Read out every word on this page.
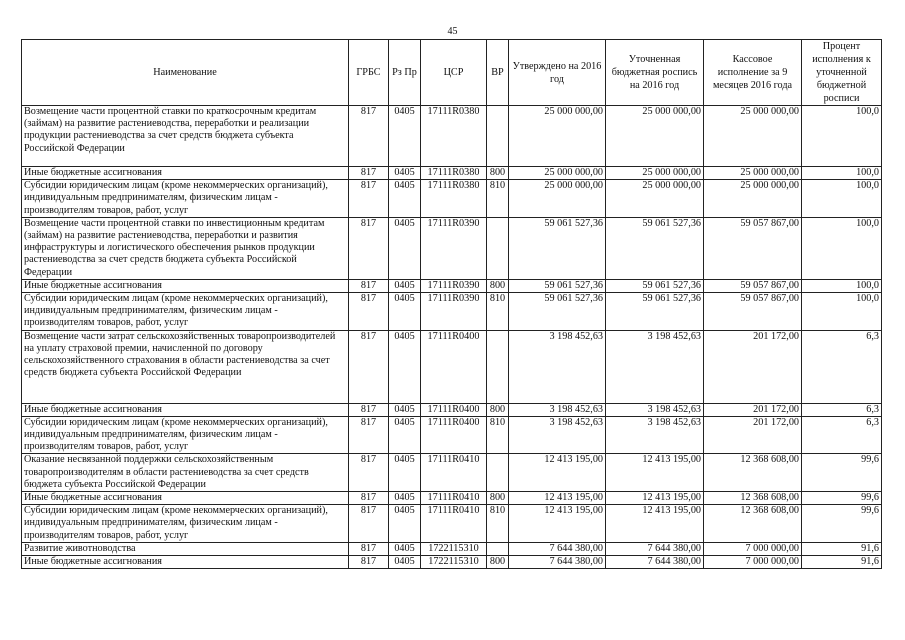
45
Наименование	ГРБС	Рз Пр	ЦСР	ВР	Утверждено на 2016 год	Уточненная бюджетная роспись на 2016 год	Кассовое исполнение за 9 месяцев 2016 года	Процент исполнения к уточненной бюджетной росписи
Возмещение части процентной ставки по краткосрочным кредитам (займам) на развитие растениеводства, переработки и реализации продукции растениеводства за счет средств бюджета субъекта Российской Федерации	817	0405	17111R0380		25 000 000,00	25 000 000,00	25 000 000,00	100,0
Иные бюджетные ассигнования	817	0405	17111R0380	800	25 000 000,00	25 000 000,00	25 000 000,00	100,0
Субсидии юридическим лицам (кроме некоммерческих организаций), индивидуальным предпринимателям, физическим лицам - производителям товаров, работ, услуг	817	0405	17111R0380	810	25 000 000,00	25 000 000,00	25 000 000,00	100,0
Возмещение части процентной ставки по инвестиционным кредитам (займам) на развитие растениеводства, переработки и развития инфраструктуры и логистического обеспечения рынков продукции растениеводства за счет средств бюджета субъекта Российской Федерации	817	0405	17111R0390		59 061 527,36	59 061 527,36	59 057 867,00	100,0
Иные бюджетные ассигнования	817	0405	17111R0390	800	59 061 527,36	59 061 527,36	59 057 867,00	100,0
Субсидии юридическим лицам (кроме некоммерческих организаций), индивидуальным предпринимателям, физическим лицам - производителям товаров, работ, услуг	817	0405	17111R0390	810	59 061 527,36	59 061 527,36	59 057 867,00	100,0
Возмещение части затрат сельскохозяйственных товаропроизводителей на уплату страховой премии, начисленной по договору сельскохозяйственного страхования в области растениеводства за счет средств бюджета субъекта Российской Федерации	817	0405	17111R0400		3 198 452,63	3 198 452,63	201 172,00	6,3
Иные бюджетные ассигнования	817	0405	17111R0400	800	3 198 452,63	3 198 452,63	201 172,00	6,3
Субсидии юридическим лицам (кроме некоммерческих организаций), индивидуальным предпринимателям, физическим лицам - производителям товаров, работ, услуг	817	0405	17111R0400	810	3 198 452,63	3 198 452,63	201 172,00	6,3
Оказание несвязанной поддержки сельскохозяйственным товаропроизводителям в области растениеводства за счет средств бюджета субъекта Российской Федерации	817	0405	17111R0410		12 413 195,00	12 413 195,00	12 368 608,00	99,6
Иные бюджетные ассигнования	817	0405	17111R0410	800	12 413 195,00	12 413 195,00	12 368 608,00	99,6
Субсидии юридическим лицам (кроме некоммерческих организаций), индивидуальным предпринимателям, физическим лицам - производителям товаров, работ, услуг	817	0405	17111R0410	810	12 413 195,00	12 413 195,00	12 368 608,00	99,6
Развитие животноводства	817	0405	1722115310		7 644 380,00	7 644 380,00	7 000 000,00	91,6
Иные бюджетные ассигнования	817	0405	1722115310	800	7 644 380,00	7 644 380,00	7 000 000,00	91,6
